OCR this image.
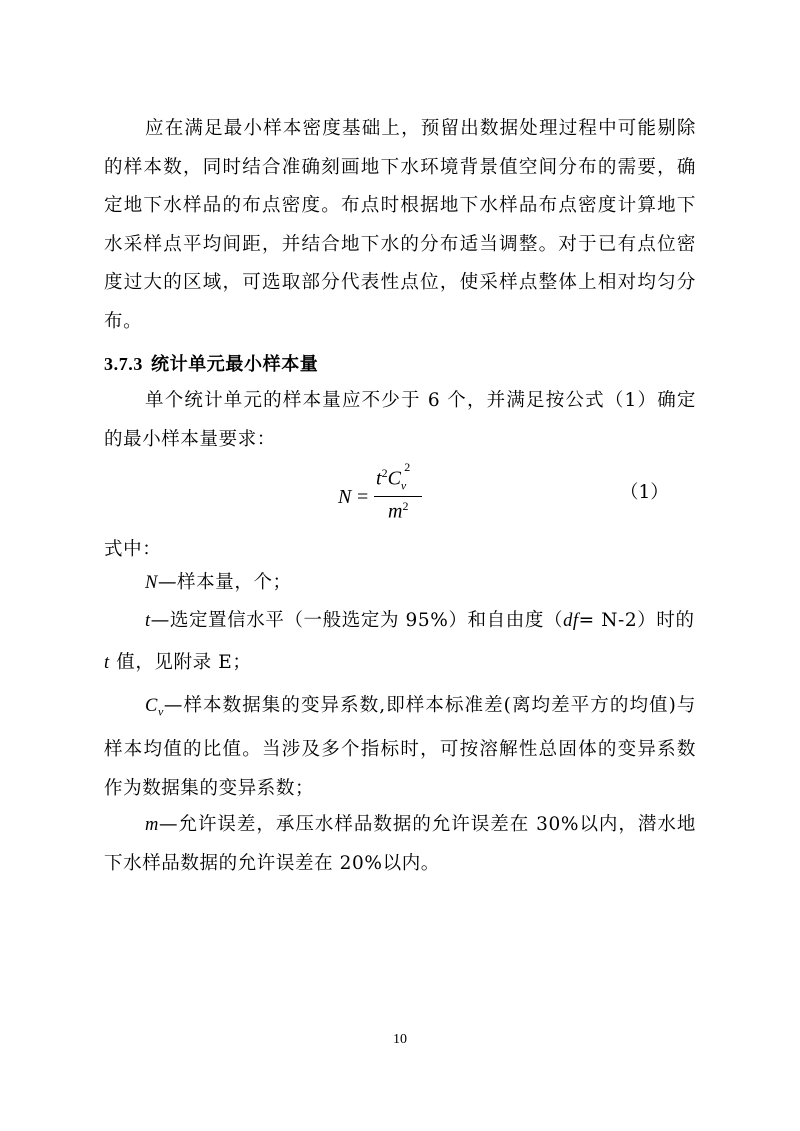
应在满足最小样本密度基础上，预留出数据处理过程中可能剔除的样本数，同时结合准确刻画地下水环境背景值空间分布的需要，确定地下水样品的布点密度。布点时根据地下水样品布点密度计算地下水采样点平均间距，并结合地下水的分布适当调整。对于已有点位密度过大的区域，可选取部分代表性点位，使采样点整体上相对均匀分布。
3.7.3 统计单元最小样本量
单个统计单元的样本量应不少于 6 个，并满足按公式（1）确定的最小样本量要求：
N =
$t^2C_v^2$
$m^2$
（1）
式中：
N—样本量，个；
t—选定置信水平（一般选定为 95%）和自由度（df= N-2）时的
t 值，见附录 E；
$C_v—$样本数据集的变异系数,即样本标准差(离均差平方的均值)与样本均值的比值。当涉及多个指标时，可按溶解性总固体的变异系数作为数据集的变异系数；
m—允许误差，承压水样品数据的允许误差在 30%以内，潜水地下水样品数据的允许误差在 20%以内。
10
